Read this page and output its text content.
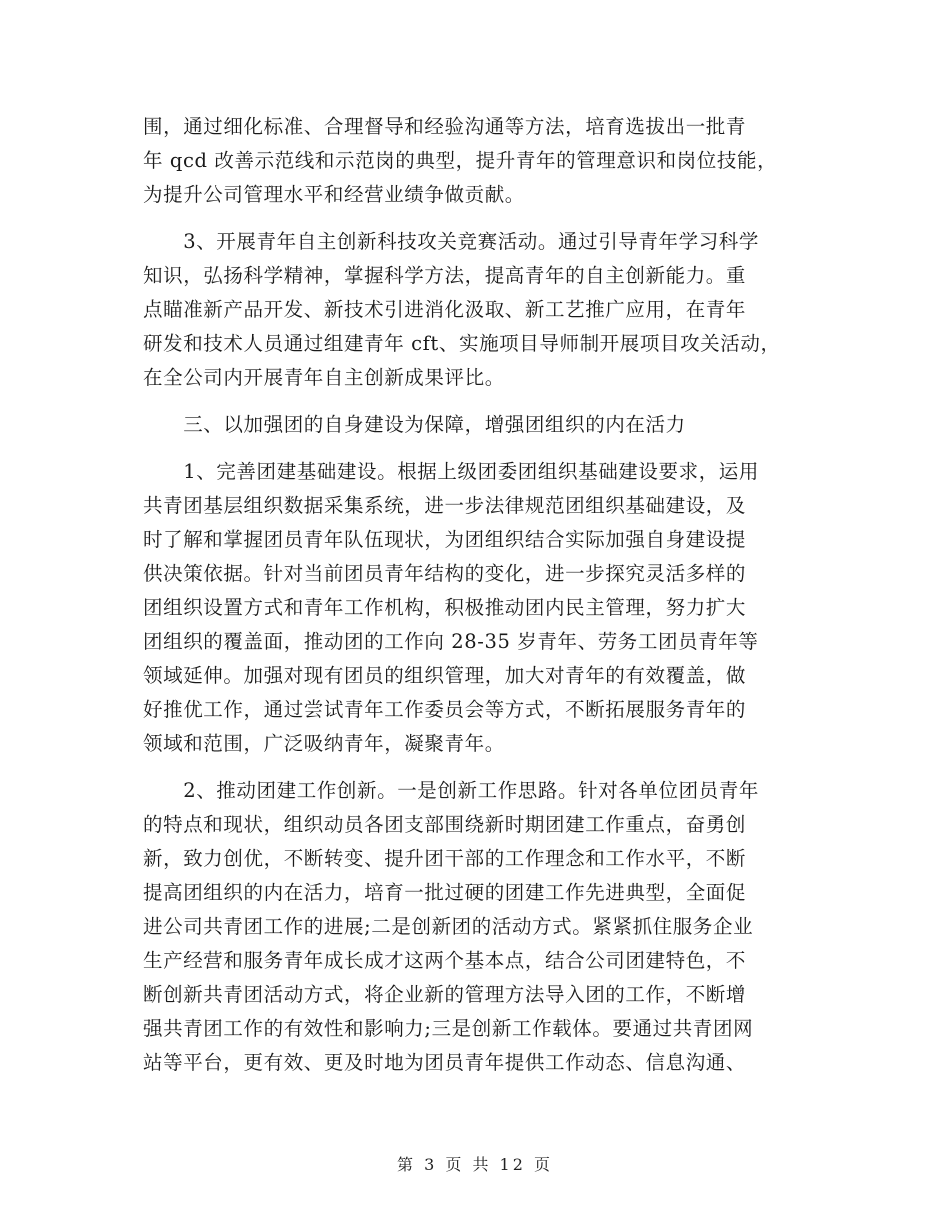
围，通过细化标准、合理督导和经验沟通等方法，培育选拔出一批青
年 qcd 改善示范线和示范岗的典型，提升青年的管理意识和岗位技能，
为提升公司管理水平和经营业绩争做贡献。
　　3、开展青年自主创新科技攻关竞赛活动。通过引导青年学习科学
知识，弘扬科学精神，掌握科学方法，提高青年的自主创新能力。重
点瞄准新产品开发、新技术引进消化汲取、新工艺推广应用，在青年
研发和技术人员通过组建青年 cft、实施项目导师制开展项目攻关活动，
在全公司内开展青年自主创新成果评比。
　　三、以加强团的自身建设为保障，增强团组织的内在活力
　　1、完善团建基础建设。根据上级团委团组织基础建设要求，运用
共青团基层组织数据采集系统，进一步法律规范团组织基础建设，及
时了解和掌握团员青年队伍现状，为团组织结合实际加强自身建设提
供决策依据。针对当前团员青年结构的变化，进一步探究灵活多样的
团组织设置方式和青年工作机构，积极推动团内民主管理，努力扩大
团组织的覆盖面，推动团的工作向 28-35 岁青年、劳务工团员青年等
领域延伸。加强对现有团员的组织管理，加大对青年的有效覆盖，做
好推优工作，通过尝试青年工作委员会等方式，不断拓展服务青年的
领域和范围，广泛吸纳青年，凝聚青年。
　　2、推动团建工作创新。一是创新工作思路。针对各单位团员青年
的特点和现状，组织动员各团支部围绕新时期团建工作重点，奋勇创
新，致力创优，不断转变、提升团干部的工作理念和工作水平，不断
提高团组织的内在活力，培育一批过硬的团建工作先进典型，全面促
进公司共青团工作的进展;二是创新团的活动方式。紧紧抓住服务企业
生产经营和服务青年成长成才这两个基本点，结合公司团建特色，不
断创新共青团活动方式，将企业新的管理方法导入团的工作，不断增
强共青团工作的有效性和影响力;三是创新工作载体。要通过共青团网
站等平台，更有效、更及时地为团员青年提供工作动态、信息沟通、
第 3 页 共 12 页
